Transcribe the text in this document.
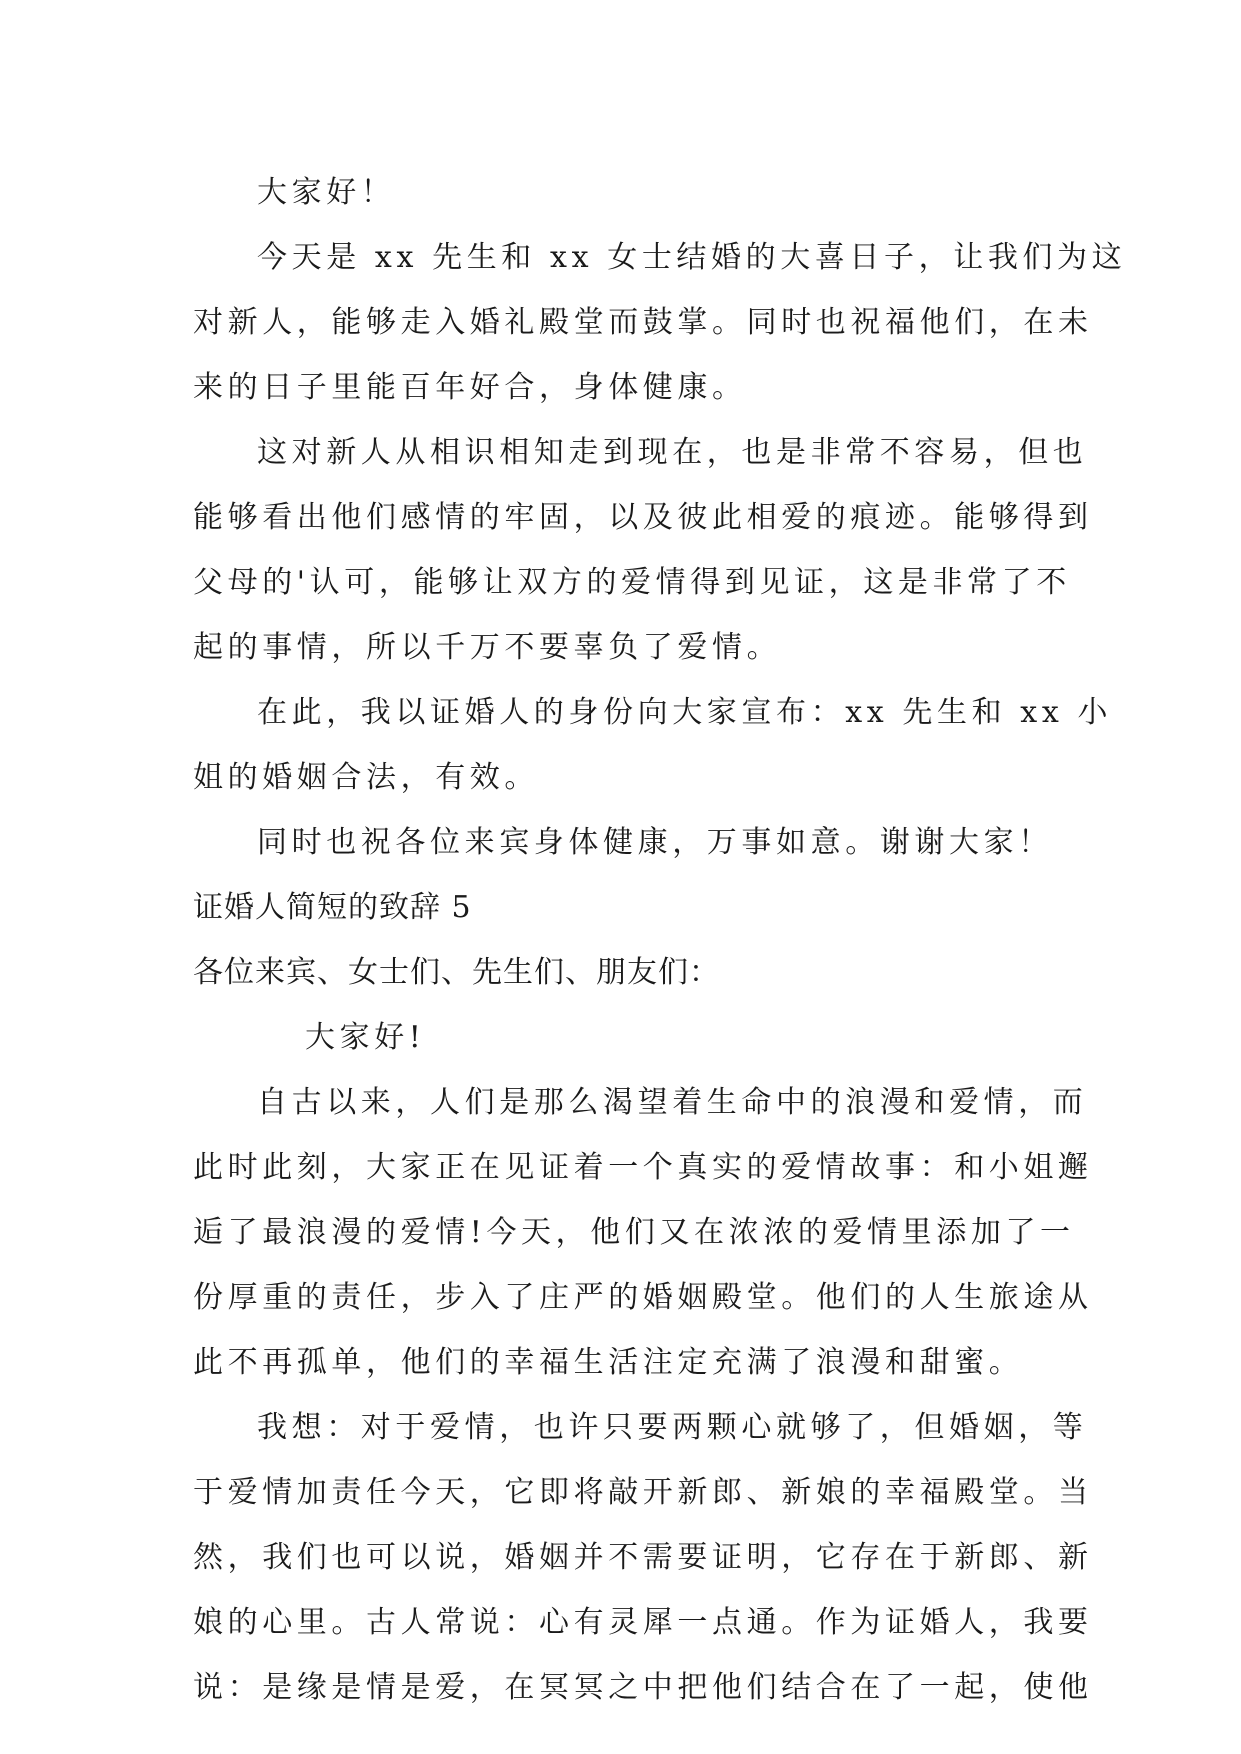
大家好！
今天是 xx 先生和 xx 女士结婚的大喜日子，让我们为这
对新人，能够走入婚礼殿堂而鼓掌。同时也祝福他们，在未
来的日子里能百年好合，身体健康。
这对新人从相识相知走到现在，也是非常不容易，但也
能够看出他们感情的牢固，以及彼此相爱的痕迹。能够得到
父母的'认可，能够让双方的爱情得到见证，这是非常了不
起的事情，所以千万不要辜负了爱情。
在此，我以证婚人的身份向大家宣布：xx 先生和 xx 小
姐的婚姻合法，有效。
同时也祝各位来宾身体健康，万事如意。谢谢大家！
证婚人简短的致辞 5
各位来宾、女士们、先生们、朋友们：
大家好!
自古以来，人们是那么渴望着生命中的浪漫和爱情，而
此时此刻，大家正在见证着一个真实的爱情故事：和小姐邂
逅了最浪漫的爱情!今天，他们又在浓浓的爱情里添加了一
份厚重的责任，步入了庄严的婚姻殿堂。他们的人生旅途从
此不再孤单，他们的幸福生活注定充满了浪漫和甜蜜。
我想：对于爱情，也许只要两颗心就够了，但婚姻，等
于爱情加责任今天，它即将敲开新郎、新娘的幸福殿堂。当
然，我们也可以说，婚姻并不需要证明，它存在于新郎、新
娘的心里。古人常说：心有灵犀一点通。作为证婚人，我要
说：是缘是情是爱，在冥冥之中把他们结合在了一起，使他
